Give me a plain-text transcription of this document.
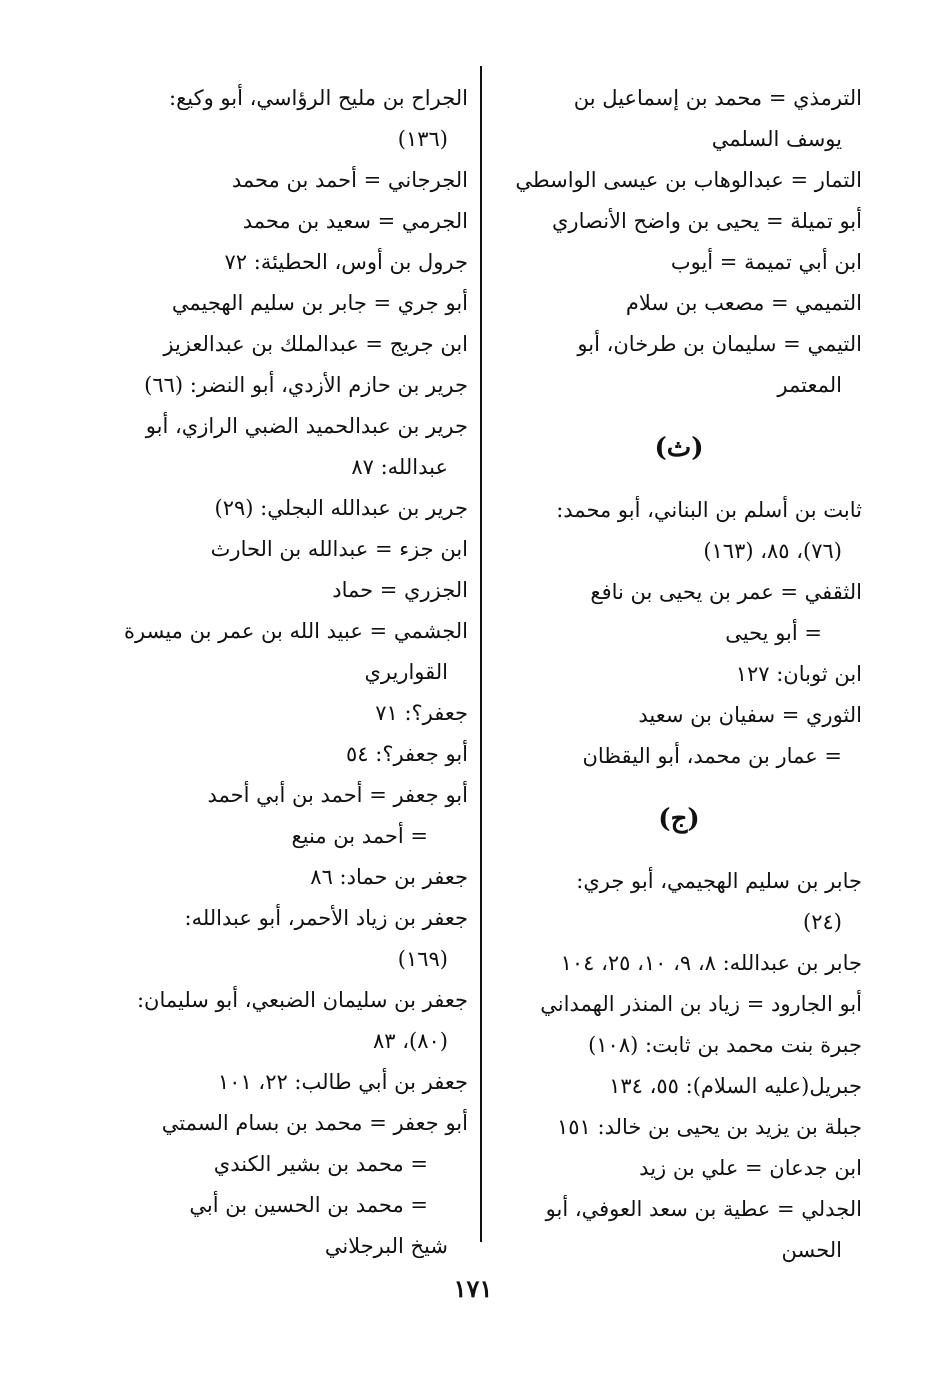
الترمذي = محمد بن إسماعيل بن
يوسف السلمي
التمار = عبدالوهاب بن عيسى الواسطي
أبو تميلة = يحيى بن واضح الأنصاري
ابن أبي تميمة = أيوب
التميمي = مصعب بن سلام
التيمي = سليمان بن طرخان، أبو
المعتمر
(ث)
ثابت بن أسلم بن البناني، أبو محمد:
(٧٦)، ٨٥، (١٦٣)
الثقفي = عمر بن يحيى بن نافع
= أبو يحيى
ابن ثوبان: ١٢٧
الثوري = سفيان بن سعيد
= عمار بن محمد، أبو اليقظان
(ج)
جابر بن سليم الهجيمي، أبو جري:
(٢٤)
جابر بن عبدالله: ٨، ٩، ١٠، ٢٥، ١٠٤
أبو الجارود = زياد بن المنذر الهمداني
جبرة بنت محمد بن ثابت: (١٠٨)
جبريل(عليه السلام): ٥٥، ١٣٤
جبلة بن يزيد بن يحيى بن خالد: ١٥١
ابن جدعان = علي بن زيد
الجدلي = عطية بن سعد العوفي، أبو
الحسن
الجراح بن مليح الرؤاسي، أبو وكيع:
(١٣٦)
الجرجاني = أحمد بن محمد
الجرمي = سعيد بن محمد
جرول بن أوس، الحطيئة: ٧٢
أبو جري = جابر بن سليم الهجيمي
ابن جريج = عبدالملك بن عبدالعزيز
جرير بن حازم الأزدي، أبو النضر: (٦٦)
جرير بن عبدالحميد الضبي الرازي، أبو
عبدالله: ٨٧
جرير بن عبدالله البجلي: (٢٩)
ابن جزء = عبدالله بن الحارث
الجزري = حماد
الجشمي = عبيد الله بن عمر بن ميسرة
القواريري
جعفر؟: ٧١
أبو جعفر؟: ٥٤
أبو جعفر = أحمد بن أبي أحمد
= أحمد بن منيع
جعفر بن حماد: ٨٦
جعفر بن زياد الأحمر، أبو عبدالله:
(١٦٩)
جعفر بن سليمان الضبعي، أبو سليمان:
(٨٠)، ٨٣
جعفر بن أبي طالب: ٢٢، ١٠١
أبو جعفر = محمد بن بسام السمتي
= محمد بن بشير الكندي
= محمد بن الحسين بن أبي
شيخ البرجلاني
١٧١
